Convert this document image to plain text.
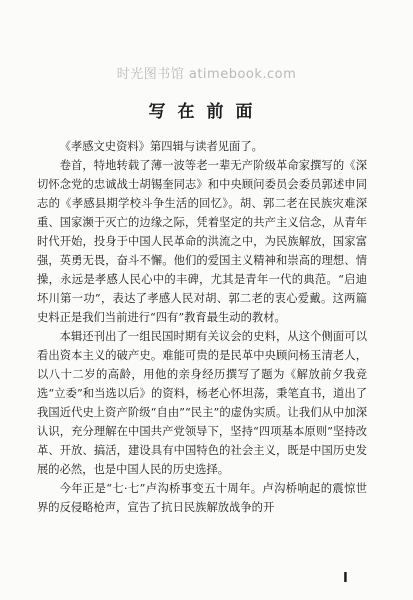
时光图书馆 atimebook.com
写在前面

《孝感文史资料》第四辑与读者见面了。

卷首，特地转载了薄一波等老一辈无产阶级革命家撰写的《深切怀念党的忠诚战士胡锡奎同志》和中央顾问委员会委员郭述申同志的《孝感县期学校斗争生活的回忆》。胡、郭二老在民族灾难深重、国家濒于灭亡的边缘之际，凭着坚定的共产主义信念，从青年时代开始，投身于中国人民革命的洪流之中，为民族解放，国家富强，英勇无畏，奋斗不懈。他们的爱国主义精神和崇高的理想、情操，永远是孝感人民心中的丰碑，尤其是青年一代的典范。“启迪坏川第一功”，表达了孝感人民对胡、郭二老的衷心爱戴。这两篇史料正是我们当前进行“四有”教育最生动的教材。

本辑还刊出了一组民国时期有关议会的史料，从这个侧面可以看出资本主义的破产史。难能可贵的是民革中央顾问杨玉清老人，以八十二岁的高龄，用他的亲身经历撰写了题为《解放前夕我竞选“立委”和当选以后》的资料，杨老心怀坦荡，秉笔直书，道出了我国近代史上资产阶级“自由”“民主”的虚伪实质。让我们从中加深认识，充分理解在中国共产党领导下，坚持“四项基本原则”坚持改革、开放、搞活，建设具有中国特色的社会主义，既是中国历史发展的必然，也是中国人民的历史选择。

今年正是“七·七”卢沟桥事变五十周年。卢沟桥响起的震惊世界的反侵略枪声，宣告了抗日民族解放战争的开

I
